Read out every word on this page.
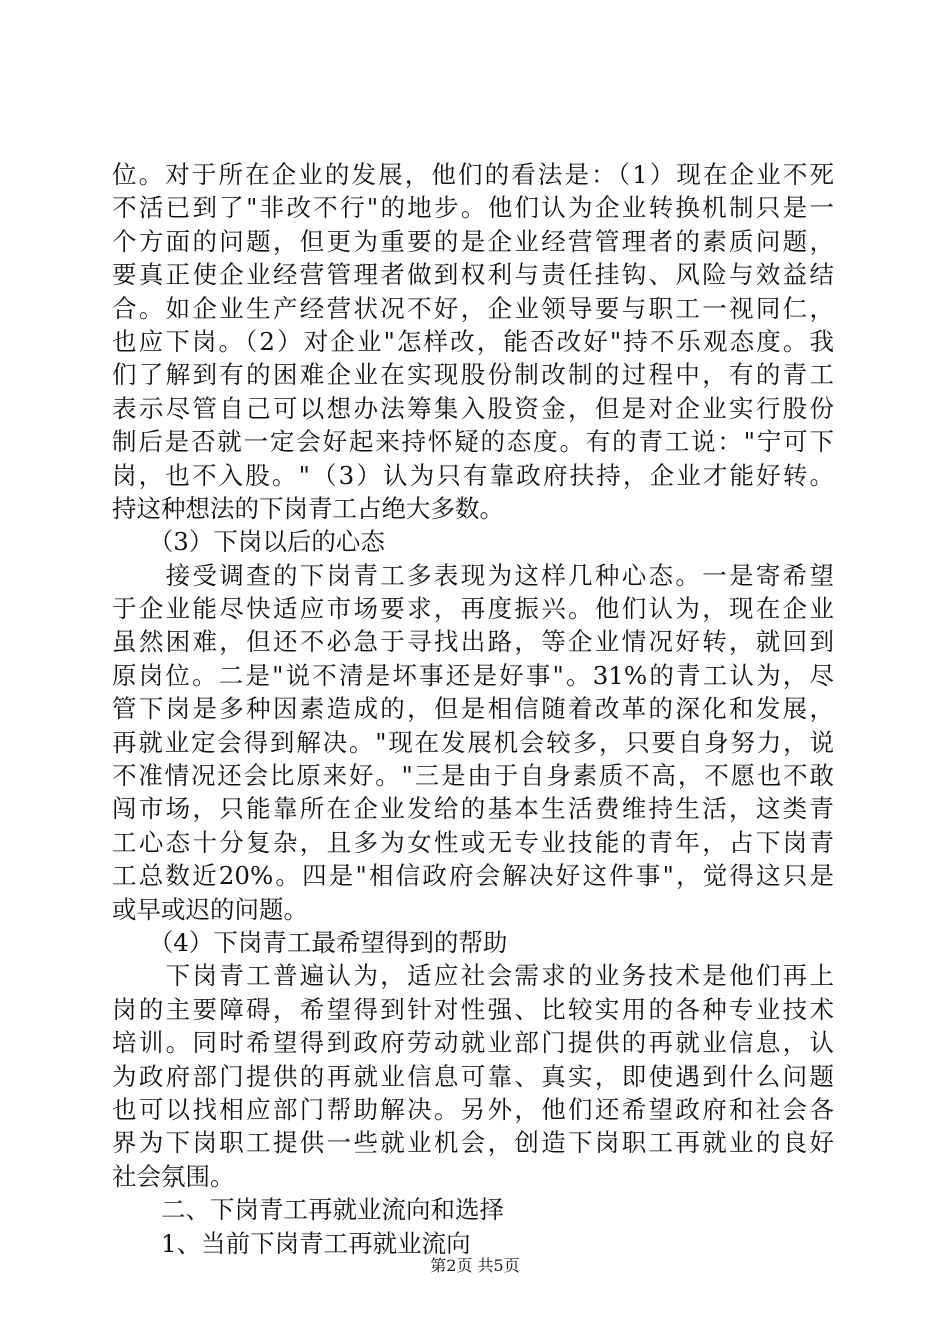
位。对于所在企业的发展，他们的看法是：（1）现在企业不死
不活已到了"非改不行"的地步。他们认为企业转换机制只是一
个方面的问题，但更为重要的是企业经营管理者的素质问题，
要真正使企业经营管理者做到权利与责任挂钩、风险与效益结
合。如企业生产经营状况不好，企业领导要与职工一视同仁，
也应下岗。（2）对企业"怎样改，能否改好"持不乐观态度。我
们了解到有的困难企业在实现股份制改制的过程中，有的青工
表示尽管自己可以想办法筹集入股资金，但是对企业实行股份
制后是否就一定会好起来持怀疑的态度。有的青工说："宁可下
岗，也不入股。"（3）认为只有靠政府扶持，企业才能好转。
持这种想法的下岗青工占绝大多数。
　　（3）下岗以后的心态
　　接受调查的下岗青工多表现为这样几种心态。一是寄希望
于企业能尽快适应市场要求，再度振兴。他们认为，现在企业
虽然困难，但还不必急于寻找出路，等企业情况好转，就回到
原岗位。二是"说不清是坏事还是好事"。31%的青工认为，尽
管下岗是多种因素造成的，但是相信随着改革的深化和发展，
再就业定会得到解决。"现在发展机会较多，只要自身努力，说
不准情况还会比原来好。"三是由于自身素质不高，不愿也不敢
闯市场，只能靠所在企业发给的基本生活费维持生活，这类青
工心态十分复杂，且多为女性或无专业技能的青年，占下岗青
工总数近20%。四是"相信政府会解决好这件事"，觉得这只是
或早或迟的问题。
　　（4）下岗青工最希望得到的帮助
　　下岗青工普遍认为，适应社会需求的业务技术是他们再上
岗的主要障碍，希望得到针对性强、比较实用的各种专业技术
培训。同时希望得到政府劳动就业部门提供的再就业信息，认
为政府部门提供的再就业信息可靠、真实，即使遇到什么问题
也可以找相应部门帮助解决。另外，他们还希望政府和社会各
界为下岗职工提供一些就业机会，创造下岗职工再就业的良好
社会氛围。
　　二、下岗青工再就业流向和选择
　　1、当前下岗青工再就业流向
第2页 共5页
